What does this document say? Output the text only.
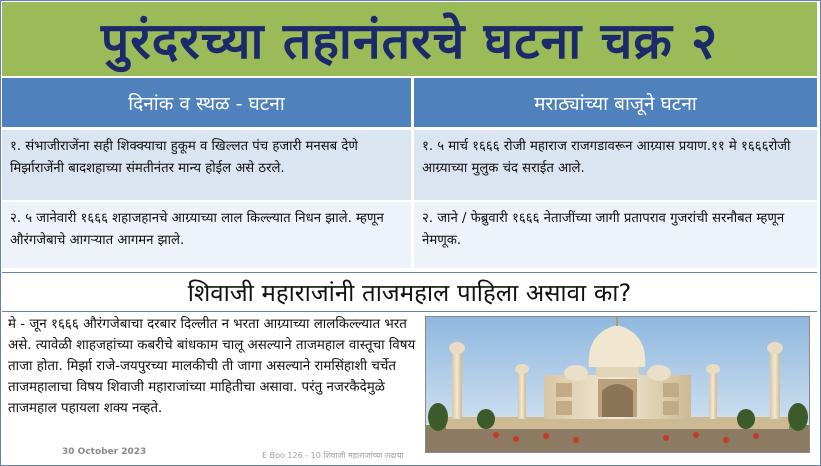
पुरंदरच्या तहानंतरचे घटना चक्र २
दिनांक व स्थळ - घटना	मराठ्यांच्या बाजूने घटना
१. संभाजीराजेंना सही शिक्क्याचा हुकूम व खिल्लत पंच हजारी मनसब देणे मिर्झाराजेंनी बादशहाच्या संमतीनंतर मान्य होईल असे ठरले.
१. ५ मार्च १६६६ रोजी महाराज राजगडावरून आग्र्यास प्रयाण.११ मे १६६६रोजी आग्र्याच्या मुलुक चंद सराईत आले.
२. ५ जानेवारी १६६६ शहाजहानचे आग्र्याच्या लाल किल्ल्यात निधन झाले. म्हणून औरंगजेबाचे आगऱ्यात आगमन झाले.
२. जाने / फेब्रुवारी १६६६ नेताजींच्या जागी प्रतापराव गुजरांची सरनौबत म्हणून नेमणूक.
शिवाजी महाराजांनी ताजमहाल पाहिला असावा का?
मे - जून १६६६ औरंगजेबाचा दरबार दिल्लीत न भरता आग्र्याच्या लालकिल्ल्यात भरत असे. त्यावेळी शाहजहांच्या कबरीचे बांधकाम चालू असल्याने ताजमहाल वास्तूचा विषय ताजा होता. मिर्झा राजे-जयपुरच्या मालकीची ती जागा असल्याने रामसिंहाशी चर्चेत ताजमहालाचा विषय शिवाजी महाराजांच्या माहितीचा असावा. परंतु नजरकैदेमुळे ताजमहाल पहायला शक्य नव्हते.
30 October 2023	E Boo 126 - 10 शिवाजी महाराजांच्या लढाया
